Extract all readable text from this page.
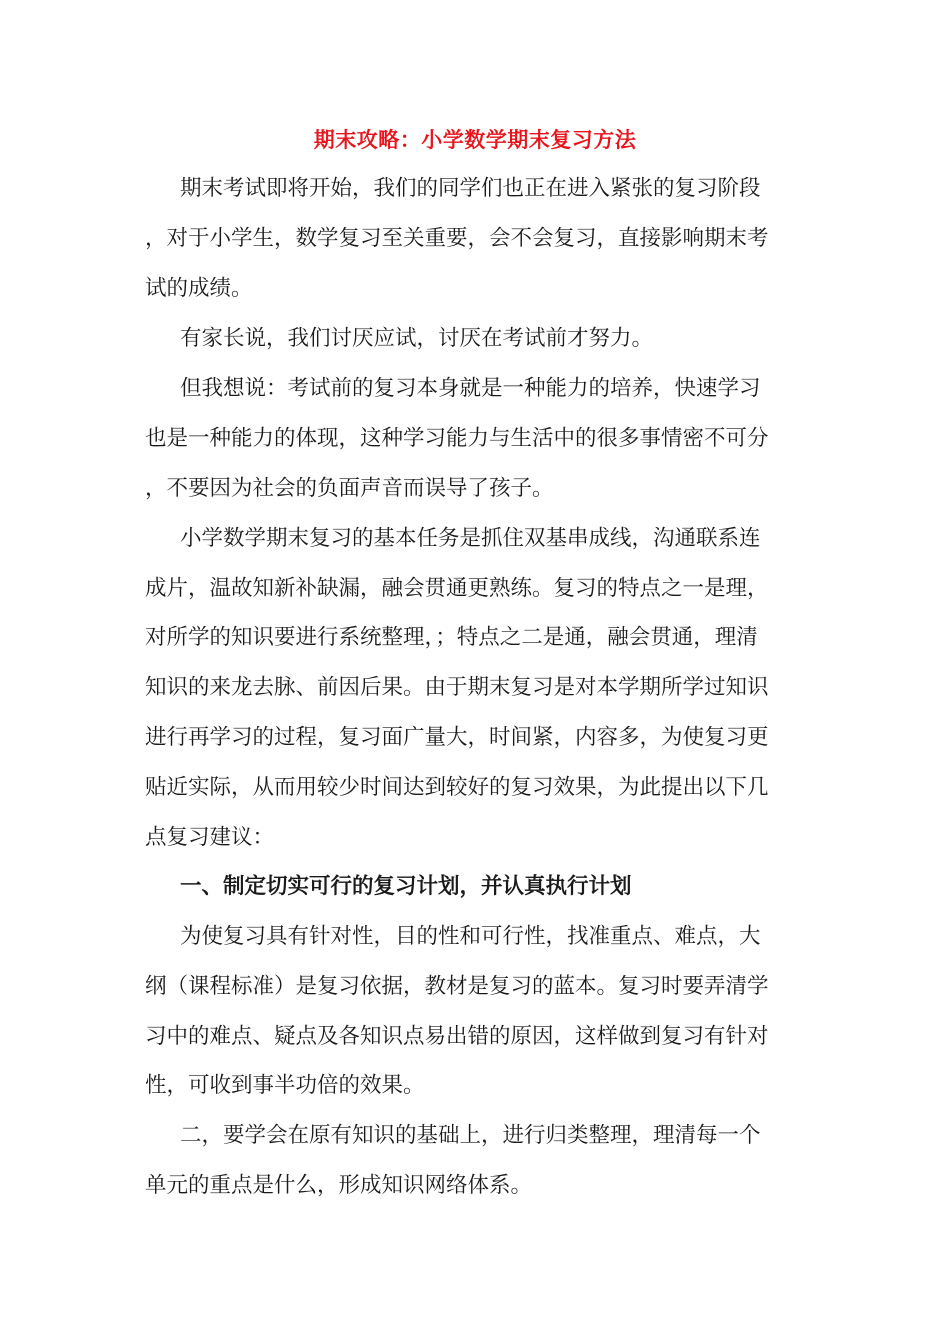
期末攻略：小学数学期末复习方法
期末考试即将开始，我们的同学们也正在进入紧张的复习阶段
，对于小学生，数学复习至关重要，会不会复习，直接影响期末考
试的成绩。
有家长说，我们讨厌应试，讨厌在考试前才努力。
但我想说：考试前的复习本身就是一种能力的培养，快速学习
也是一种能力的体现，这种学习能力与生活中的很多事情密不可分
，不要因为社会的负面声音而误导了孩子。
小学数学期末复习的基本任务是抓住双基串成线，沟通联系连
成片，温故知新补缺漏，融会贯通更熟练。复习的特点之一是理，
对所学的知识要进行系统整理，；特点之二是通，融会贯通，理清
知识的来龙去脉、前因后果。由于期末复习是对本学期所学过知识
进行再学习的过程，复习面广量大，时间紧，内容多，为使复习更
贴近实际，从而用较少时间达到较好的复习效果，为此提出以下几
点复习建议：
一、制定切实可行的复习计划，并认真执行计划
为使复习具有针对性，目的性和可行性，找准重点、难点，大
纲（课程标准）是复习依据，教材是复习的蓝本。复习时要弄清学
习中的难点、疑点及各知识点易出错的原因，这样做到复习有针对
性，可收到事半功倍的效果。
二，要学会在原有知识的基础上，进行归类整理，理清每一个
单元的重点是什么，形成知识网络体系。
